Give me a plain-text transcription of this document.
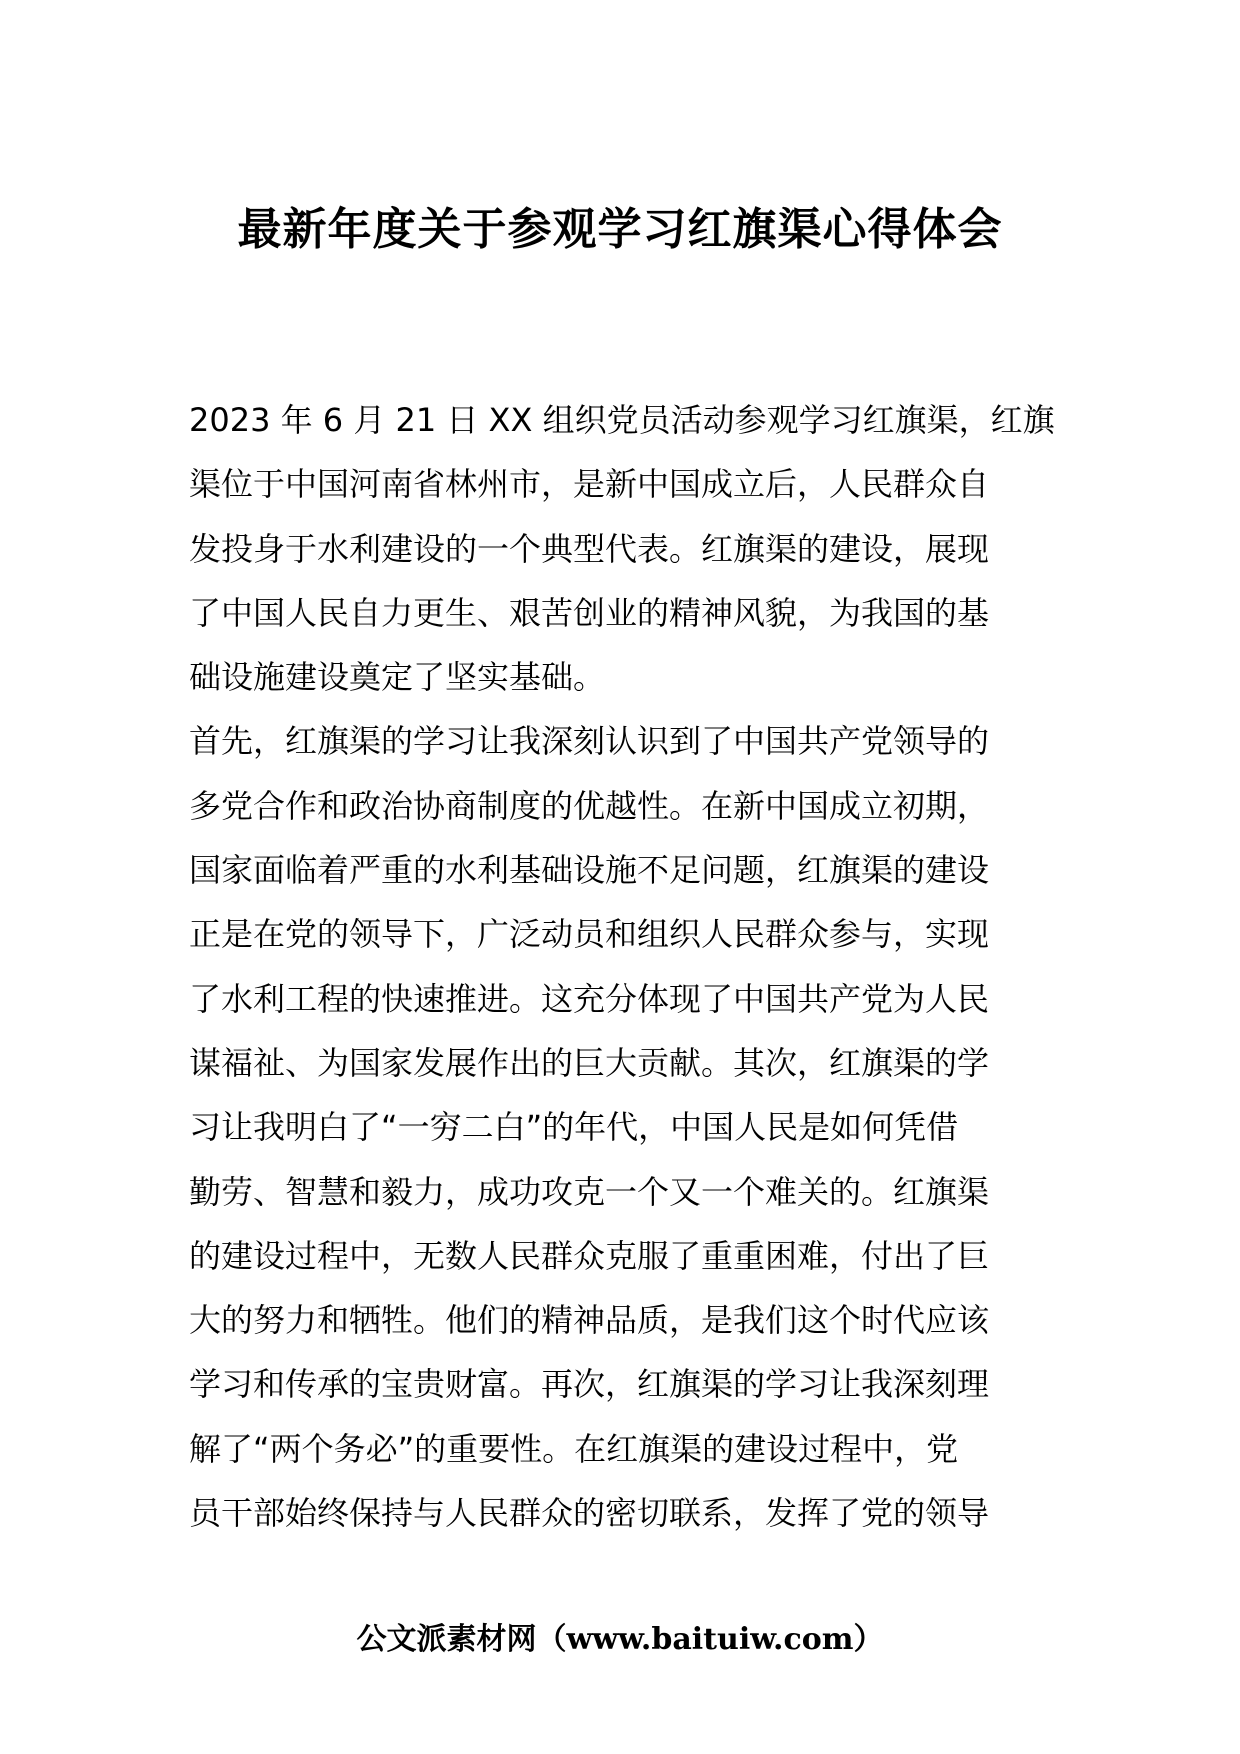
最新年度关于参观学习红旗渠心得体会
2023 年 6 月 21 日 XX 组织党员活动参观学习红旗渠，红旗
渠位于中国河南省林州市，是新中国成立后，人民群众自
发投身于水利建设的一个典型代表。红旗渠的建设，展现
了中国人民自力更生、艰苦创业的精神风貌，为我国的基
础设施建设奠定了坚实基础。
首先，红旗渠的学习让我深刻认识到了中国共产党领导的
多党合作和政治协商制度的优越性。在新中国成立初期，
国家面临着严重的水利基础设施不足问题，红旗渠的建设
正是在党的领导下，广泛动员和组织人民群众参与，实现
了水利工程的快速推进。这充分体现了中国共产党为人民
谋福祉、为国家发展作出的巨大贡献。其次，红旗渠的学
习让我明白了“一穷二白”的年代，中国人民是如何凭借
勤劳、智慧和毅力，成功攻克一个又一个难关的。红旗渠
的建设过程中，无数人民群众克服了重重困难，付出了巨
大的努力和牺牲。他们的精神品质，是我们这个时代应该
学习和传承的宝贵财富。再次，红旗渠的学习让我深刻理
解了“两个务必”的重要性。在红旗渠的建设过程中，党
员干部始终保持与人民群众的密切联系，发挥了党的领导
公文派素材网（www.baituiw.com）
